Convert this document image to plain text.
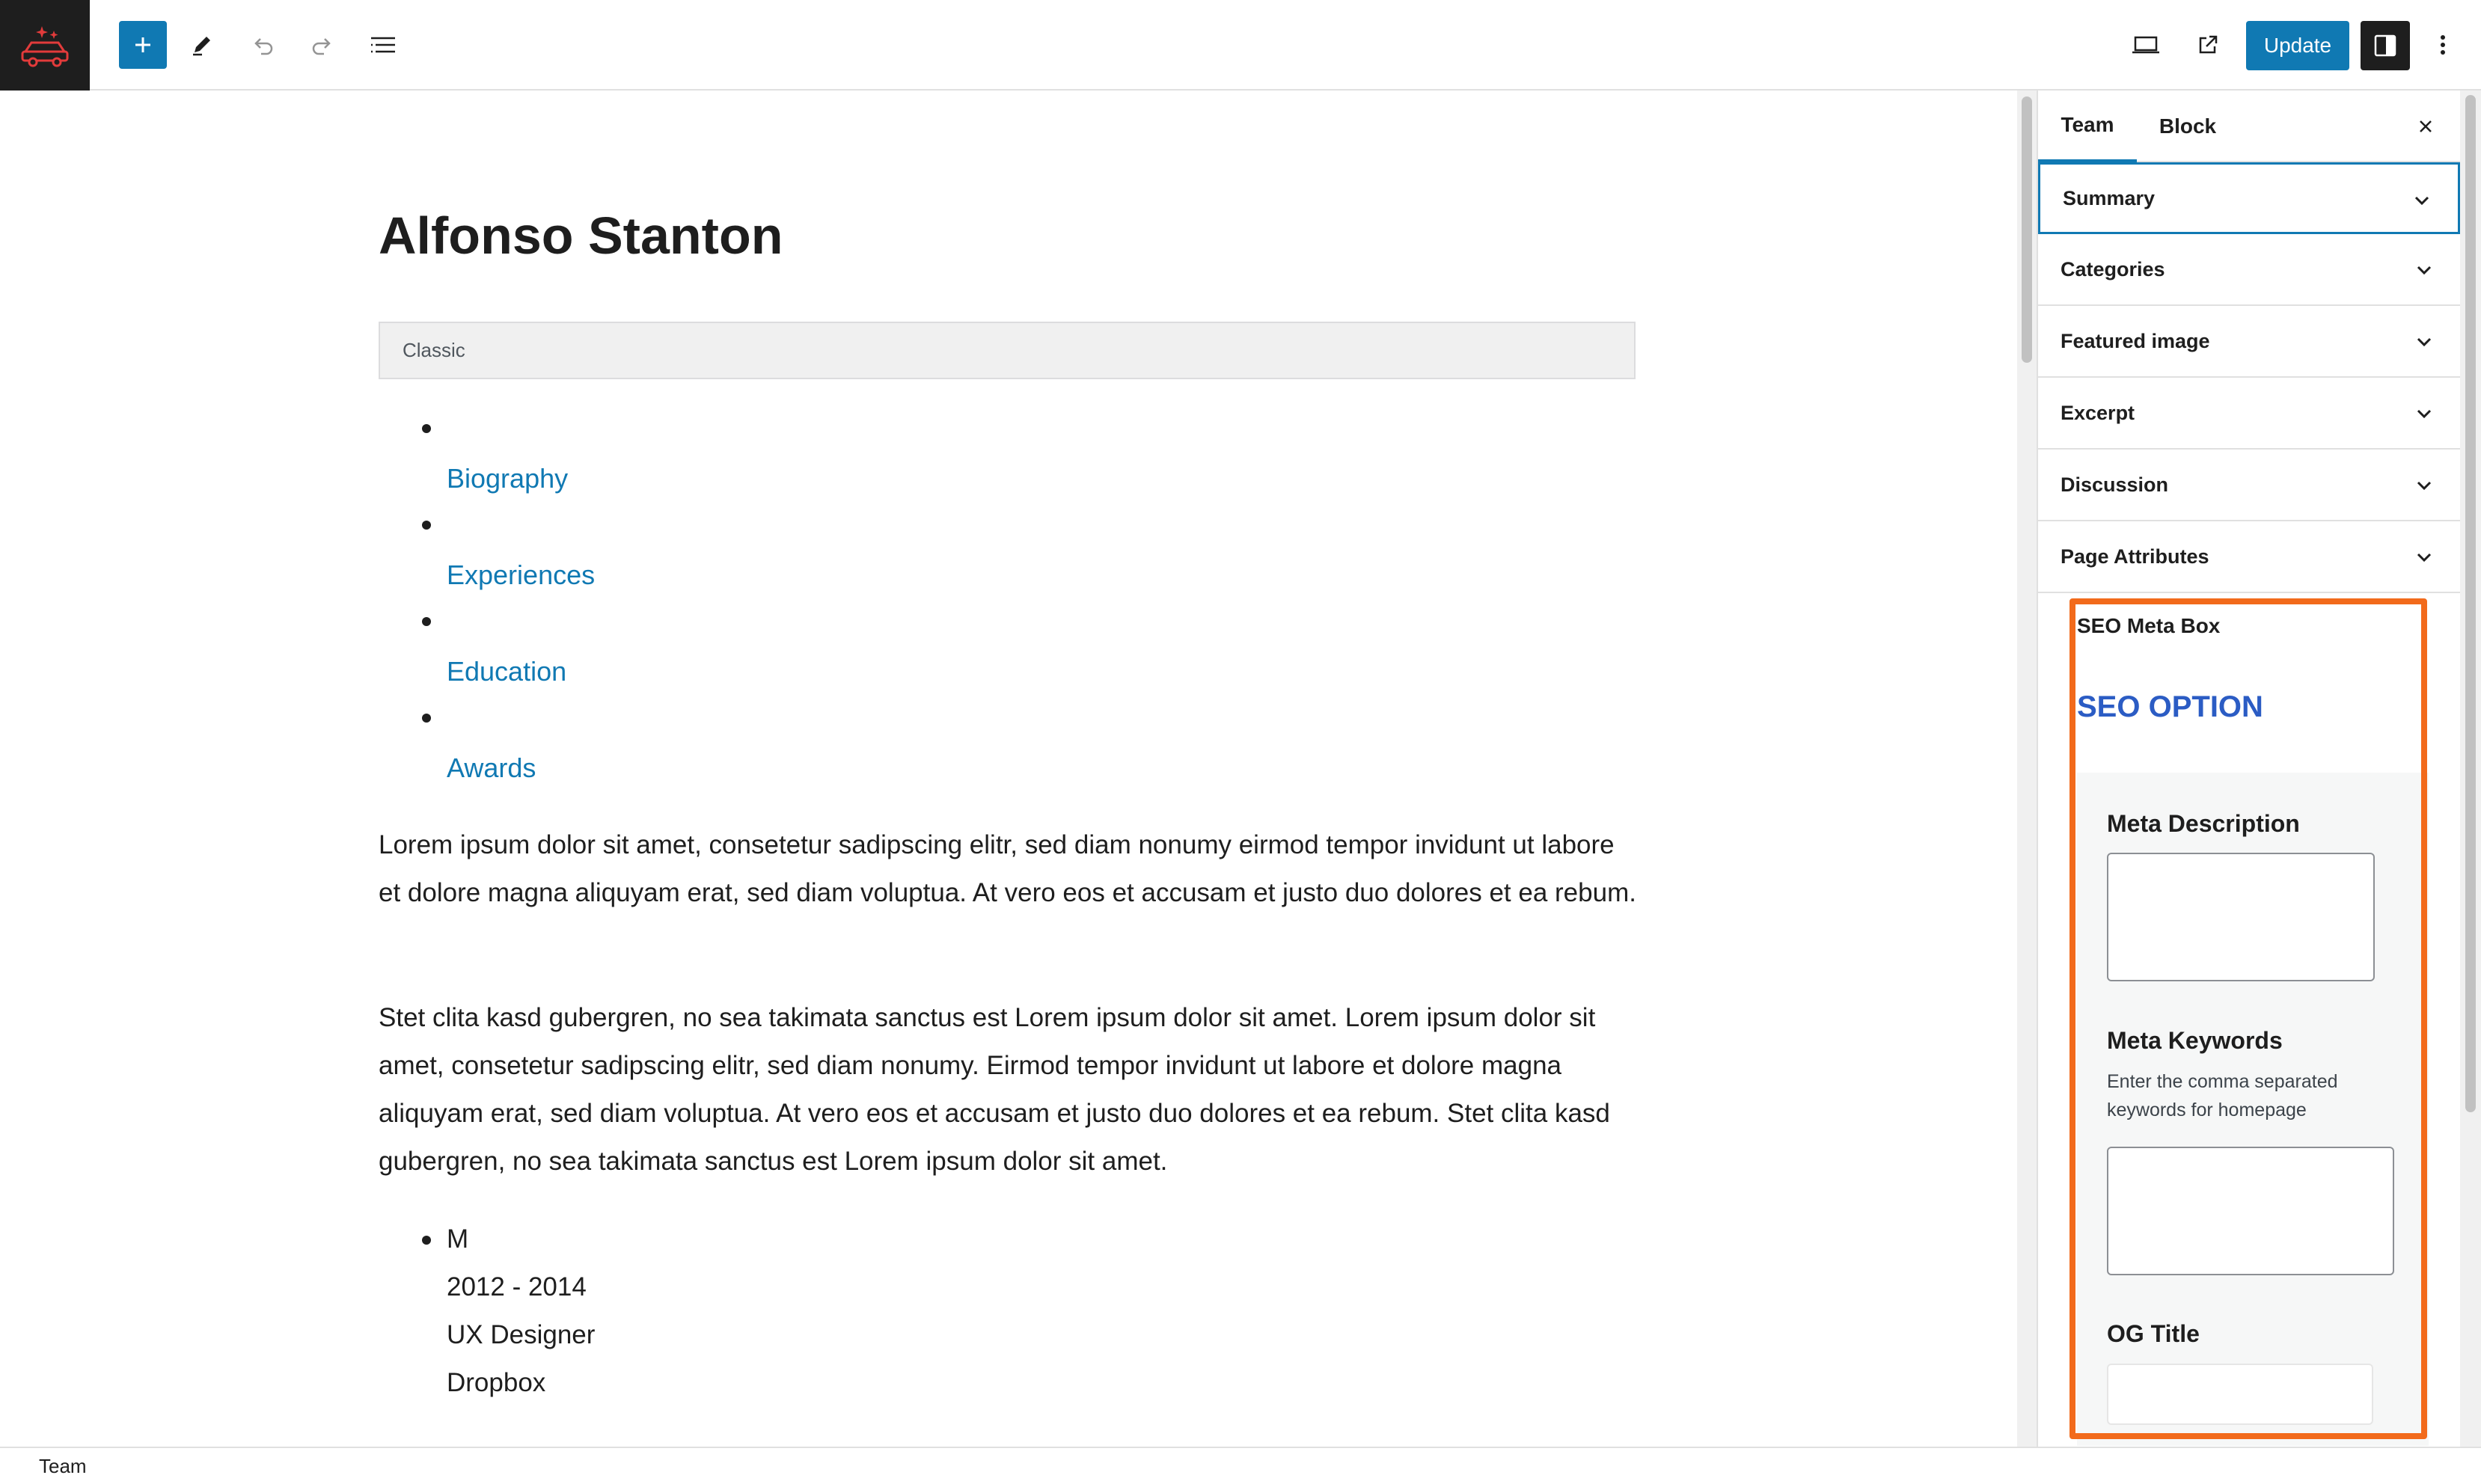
Update
Alfonso Stanton
Classic
Biography
Experiences
Education
Awards

Lorem ipsum dolor sit amet, consetetur sadipscing elitr, sed diam nonumy eirmod tempor invidunt ut labore et dolore magna aliquyam erat, sed diam voluptua. At vero eos et accusam et justo duo dolores et ea rebum.

Stet clita kasd gubergren, no sea takimata sanctus est Lorem ipsum dolor sit amet. Lorem ipsum dolor sit amet, consetetur sadipscing elitr, sed diam nonumy. Eirmod tempor invidunt ut labore et dolore magna aliquyam erat, sed diam voluptua. At vero eos et accusam et justo duo dolores et ea rebum. Stet clita kasd gubergren, no sea takimata sanctus est Lorem ipsum dolor sit amet.

M
2012 - 2014
UX Designer
Dropbox
Team	Block
Summary
Categories
Featured image
Excerpt
Discussion
Page Attributes
SEO Meta Box
SEO OPTION
Meta Description
Meta Keywords
Enter the comma separated keywords for homepage
OG Title
Team
